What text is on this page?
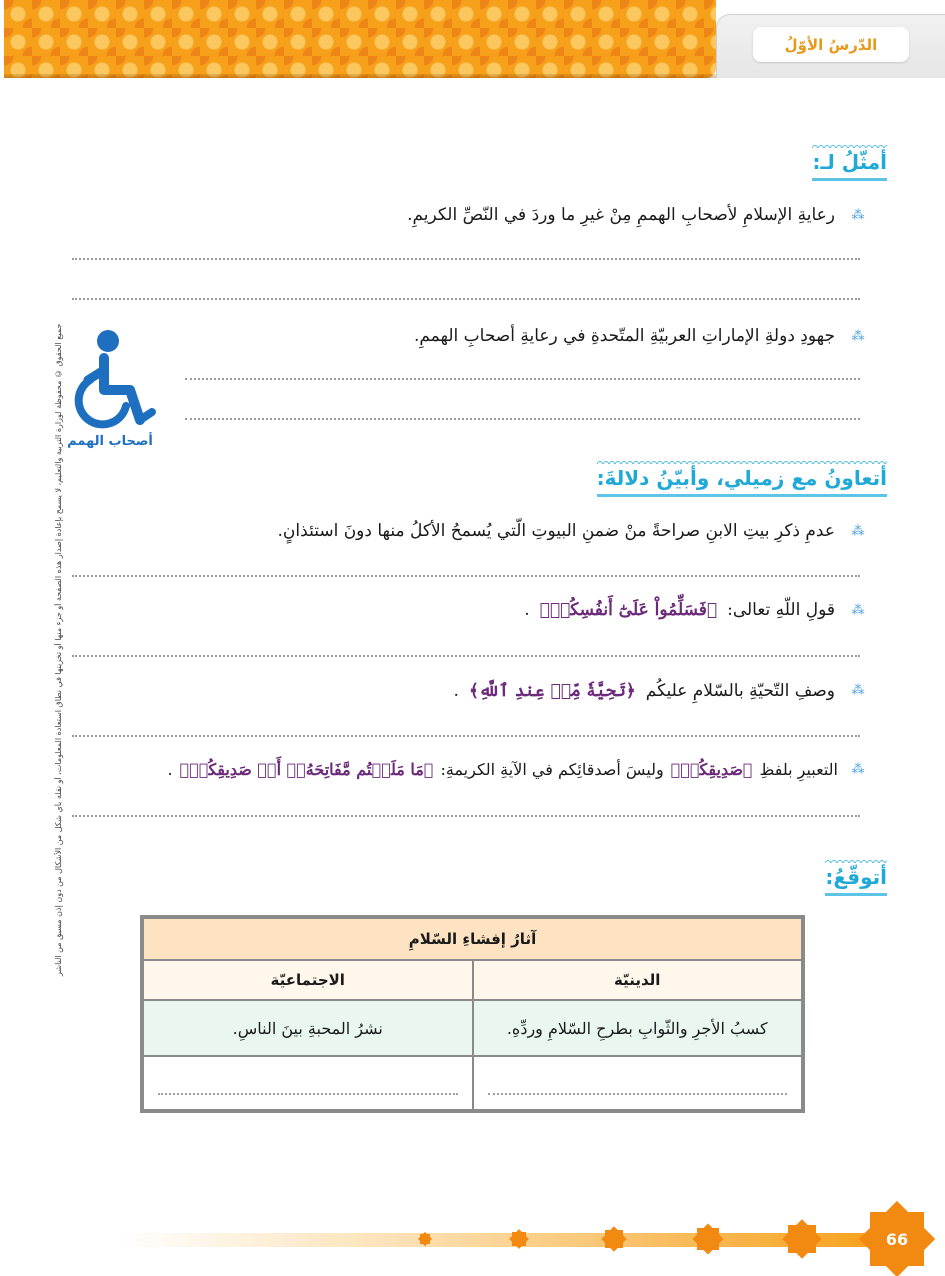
الدّرسُ الأوّلُ
جميع الحقوق © محفوظة لوزارة التربية والتعليم، لا يسمح بإعادة إصدار هذه الصفحة أو جزء منها أو تخزينها في نطاق استعادة المعلومات، أو نقله بأي شكل من الأشكال من دون إذن مسبق من الناشر أصحاب الهمم
أمثّلُ لـ:
⁂
رعايةِ الإسلامِ لأصحابِ الهممِ مِنْ غيرِ ما وردَ في النّصِّ الكريمِ.
⁂
جهودِ دولةِ الإماراتِ العربيّةِ المتّحدةِ في رعايةِ أصحابِ الهممِ.
أتعاونُ مع زميلي، وأبيّنُ دلالةَ:
⁂
عدمِ ذكرِ بيتِ الابنِ صراحةً منْ ضمنِ البيوتِ الّتي يُسمحُ الأكلُ منها دونَ استئذانٍ.
⁂
قولِ اللّهِ تعالى:
﴿فَسَلِّمُواْ عَلَىٰٓ أَنفُسِكُمۡ﴾
.
⁂
وصفِ التّحيّةِ بالسّلامِ عليكُم
﴿تَحِيَّةٗ مِّنۡ عِندِ ٱللَّهِ﴾
.
⁂
التعبيرِ بلفظِ
﴿صَدِيقِكُمۡ﴾
وليسَ أصدقائِكم في الآيةِ الكريمةِ:
﴿مَا مَلَكۡتُم مَّفَاتِحَهُۥٓ أَوۡ صَدِيقِكُمۡ﴾
.
أتوقّعُ:
آثارُ إفشاءِ السّلامِ	
الدينيّة	الاجتماعيّة
كسبُ الأجرِ والثّوابِ بطرحِ السّلامِ وردِّهِ.	نشرُ المحبةِ بينَ الناسِ.

66
